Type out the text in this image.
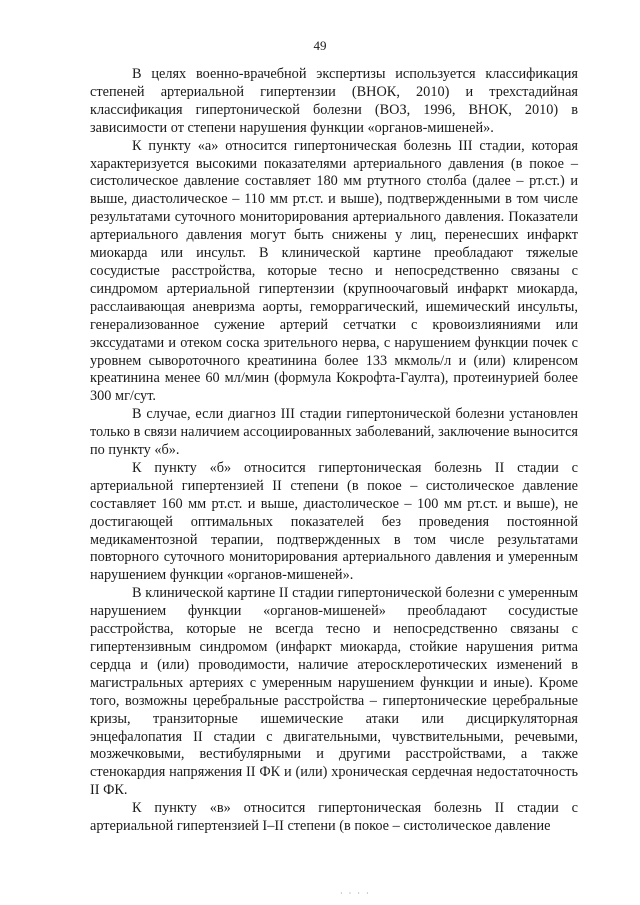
49

В целях военно-врачебной экспертизы используется классификация степеней артериальной гипертензии (ВНОК, 2010) и трехстадийная классификация гипертонической болезни (ВОЗ, 1996, ВНОК, 2010) в зависимости от степени нарушения функции «органов-мишеней».

К пункту «а» относится гипертоническая болезнь III стадии, которая характеризуется высокими показателями артериального давления (в покое – систолическое давление составляет 180 мм ртутного столба (далее – рт.ст.) и выше, диастолическое – 110 мм рт.ст. и выше), подтвержденными в том числе результатами суточного мониторирования артериального давления. Показатели артериального давления могут быть снижены у лиц, перенесших инфаркт миокарда или инсульт. В клинической картине преобладают тяжелые сосудистые расстройства, которые тесно и непосредственно связаны с синдромом артериальной гипертензии (крупноочаговый инфаркт миокарда, расслаивающая аневризма аорты, геморрагический, ишемический инсульты, генерализованное сужение артерий сетчатки с кровоизлияниями или экссудатами и отеком соска зрительного нерва, с нарушением функции почек с уровнем сывороточного креатинина более 133 мкмоль/л и (или) клиренсом креатинина менее 60 мл/мин (формула Кокрофта-Гаулта), протеинурией более 300 мг/сут.

В случае, если диагноз III стадии гипертонической болезни установлен только в связи наличием ассоциированных заболеваний, заключение выносится по пункту «б».

К пункту «б» относится гипертоническая болезнь II стадии с артериальной гипертензией II степени (в покое – систолическое давление составляет 160 мм рт.ст. и выше, диастолическое – 100 мм рт.ст. и выше), не достигающей оптимальных показателей без проведения постоянной медикаментозной терапии, подтвержденных в том числе результатами повторного суточного мониторирования артериального давления и умеренным нарушением функции «органов-мишеней».

В клинической картине II стадии гипертонической болезни с умеренным нарушением функции «органов-мишеней» преобладают сосудистые расстройства, которые не всегда тесно и непосредственно связаны с гипертензивным синдромом (инфаркт миокарда, стойкие нарушения ритма сердца и (или) проводимости, наличие атеросклеротических изменений в магистральных артериях с умеренным нарушением функции и иные). Кроме того, возможны церебральные расстройства – гипертонические церебральные кризы, транзиторные ишемические атаки или дисциркуляторная энцефалопатия II стадии с двигательными, чувствительными, речевыми, мозжечковыми, вестибулярными и другими расстройствами, а также стенокардия напряжения II ФК и (или) хроническая сердечная недостаточность II ФК.

К пункту «в» относится гипертоническая болезнь II стадии с артериальной гипертензией I–II степени (в покое – систолическое давление

· · · ·
